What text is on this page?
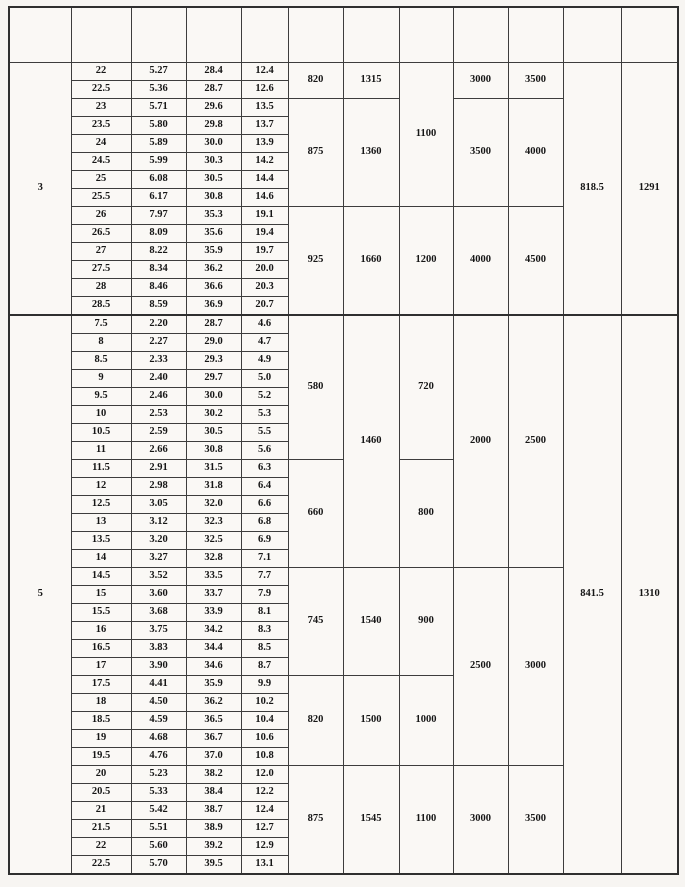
3	22	5.27	28.4	12.4	820	1315	1100	3000	3500	818.5	1291
	22.5	5.36	28.7	12.6							
	23	5.71	29.6	13.5	875	1360		3500	4000		
	23.5	5.80	29.8	13.7							
	24	5.89	30.0	13.9							
	24.5	5.99	30.3	14.2							
	25	6.08	30.5	14.4							
	25.5	6.17	30.8	14.6							
	26	7.97	35.3	19.1	925	1660	1200	4000	4500		
	26.5	8.09	35.6	19.4							
	27	8.22	35.9	19.7							
	27.5	8.34	36.2	20.0							
	28	8.46	36.6	20.3							
	28.5	8.59	36.9	20.7							
5	7.5	2.20	28.7	4.6	580	1460	720	2000	2500	841.5	1310
	8	2.27	29.0	4.7							
	8.5	2.33	29.3	4.9							
	9	2.40	29.7	5.0							
	9.5	2.46	30.0	5.2							
	10	2.53	30.2	5.3							
	10.5	2.59	30.5	5.5							
	11	2.66	30.8	5.6							
	11.5	2.91	31.5	6.3	660		800				
	12	2.98	31.8	6.4							
	12.5	3.05	32.0	6.6							
	13	3.12	32.3	6.8							
	13.5	3.20	32.5	6.9							
	14	3.27	32.8	7.1							
	14.5	3.52	33.5	7.7	745	1540	900	2500	3000		
	15	3.60	33.7	7.9							
	15.5	3.68	33.9	8.1							
	16	3.75	34.2	8.3							
	16.5	3.83	34.4	8.5							
	17	3.90	34.6	8.7							
	17.5	4.41	35.9	9.9	820	1500	1000				
	18	4.50	36.2	10.2							
	18.5	4.59	36.5	10.4							
	19	4.68	36.7	10.6							
	19.5	4.76	37.0	10.8							
	20	5.23	38.2	12.0	875	1545	1100	3000	3500		
	20.5	5.33	38.4	12.2							
	21	5.42	38.7	12.4							
	21.5	5.51	38.9	12.7							
	22	5.60	39.2	12.9							
	22.5	5.70	39.5	13.1							
